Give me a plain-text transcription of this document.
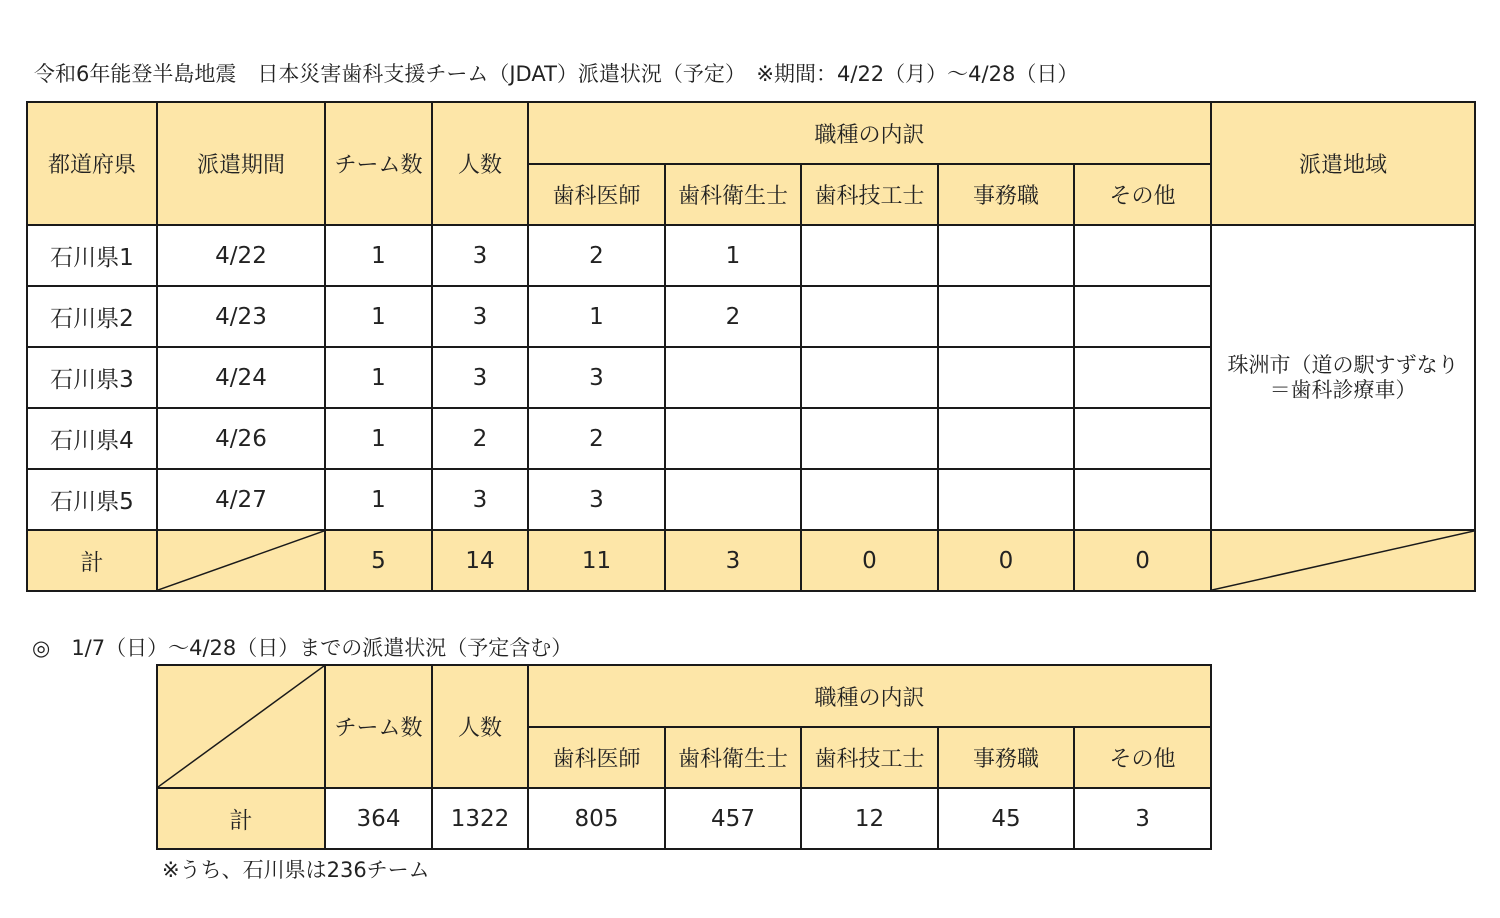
令和6年能登半島地震　日本災害歯科支援チーム（JDAT）派遣状況（予定）　※期間：4/22（月）～4/28（日）
都道府県	派遣期間	チーム数	人数	職種の内訳					派遣地域
				歯科医師	歯科衛生士	歯科技工士	事務職	その他	
石川県1	4/22	1	3	2	1				珠洲市（道の駅すずなり
＝歯科診療車）

石川県2	4/23	1	3	1	2				
石川県3	4/24	1	3	3					
石川県4	4/26	1	2	2					
石川県5	4/27	1	3	3					
計		5	14	11	3	0	0	0	
◎　1/7（日）～4/28（日）までの派遣状況（予定含む）
	チーム数	人数	職種の内訳				
			歯科医師	歯科衛生士	歯科技工士	事務職	その他
計	364	1322	805	457	12	45	3
※うち、石川県は236チーム
